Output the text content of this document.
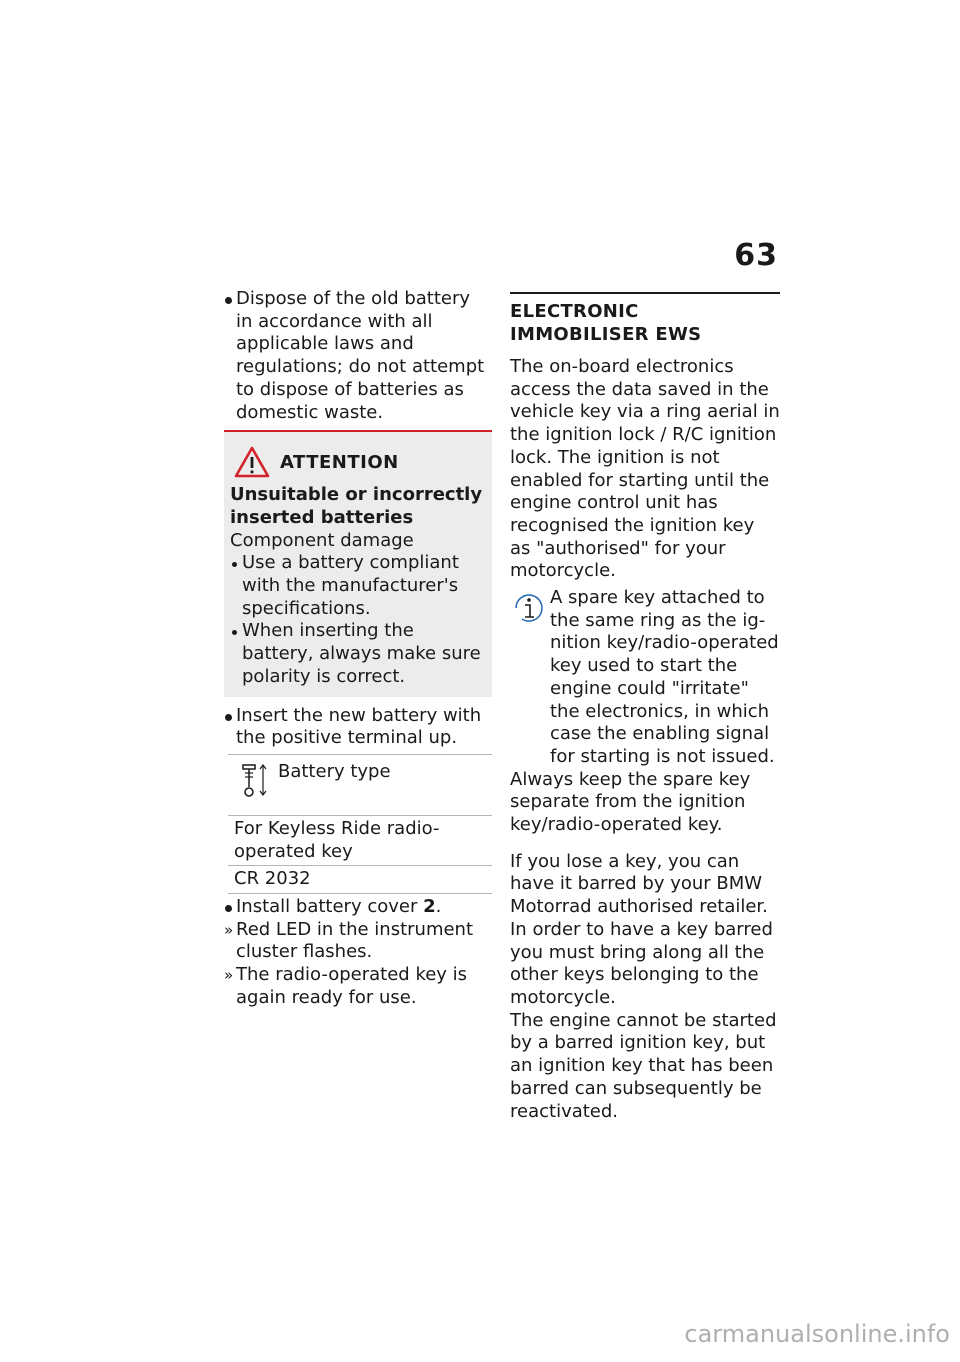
63
Dispose of the old battery in accordance with all applicable laws and regulations; do not attempt to dispose of batteries as domestic waste.
ATTENTION
Unsuitable or incorrectly inserted batteries
Component damage
Use a battery compliant with the manufacturer's specifications.
When inserting the battery, always make sure polarity is correct.
Insert the new battery with the positive terminal up.
Battery type
For Keyless Ride radio-operated key
CR 2032
Install battery cover 2.
» Red LED in the instrument cluster flashes.
» The radio-operated key is again ready for use.
ELECTRONIC IMMOBILISER EWS

The on-board electronics access the data saved in the vehicle key via a ring aerial in the ignition lock / R/C ignition lock. The ignition is not enabled for starting until the engine control unit has recognised the ignition key as "authorised" for your motorcycle.

A spare key attached to the same ring as the ignition key/radio-operated key used to start the engine could "irritate" the electronics, in which case the enabling signal for starting is not issued.

Always keep the spare key separate from the ignition key/radio-operated key.

If you lose a key, you can have it barred by your BMW Motorrad authorised retailer. In order to have a key barred you must bring along all the other keys belonging to the motorcycle.

The engine cannot be started by a barred ignition key, but an ignition key that has been barred can subsequently be reactivated.

carmanualsonline.info
